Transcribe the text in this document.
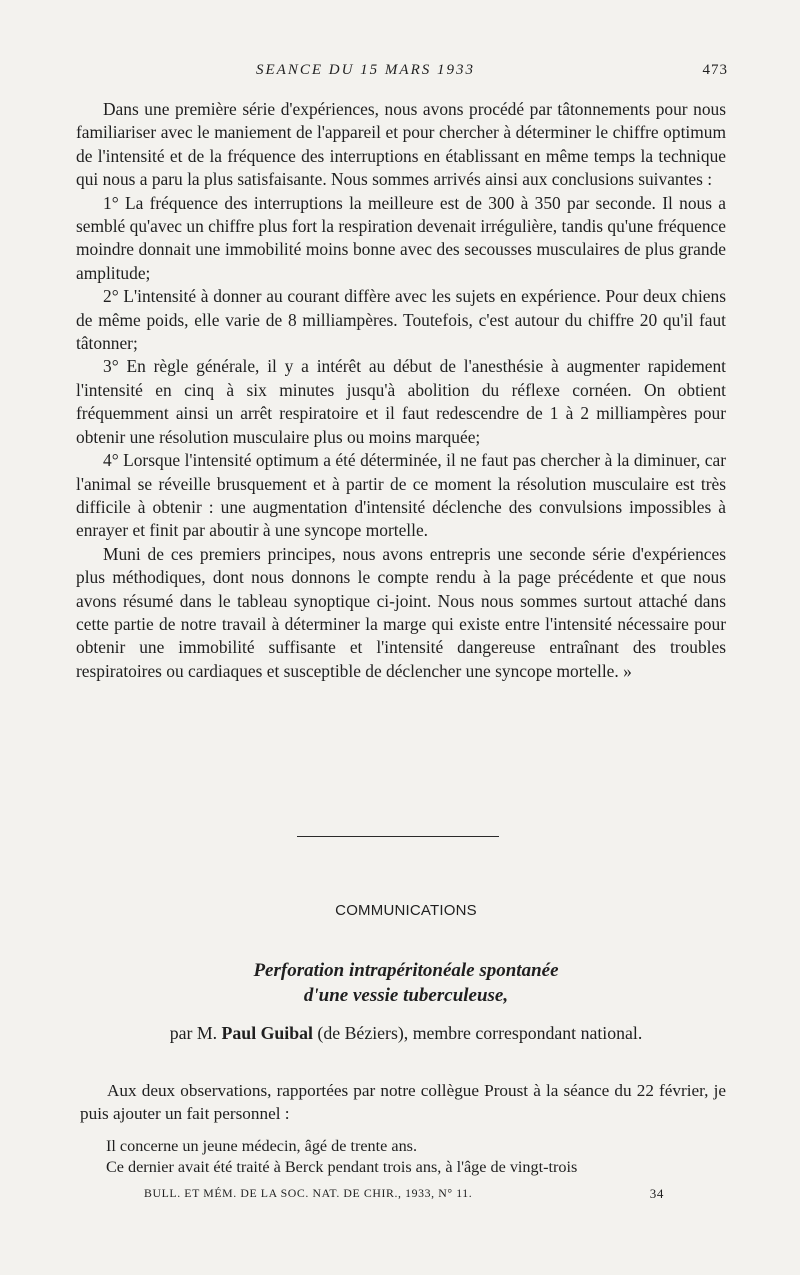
SEANCE DU 15 MARS 1933	473

Dans une première série d'expériences, nous avons procédé par tâtonnements pour nous familiariser avec le maniement de l'appareil et pour chercher à déterminer le chiffre optimum de l'intensité et de la fréquence des interruptions en établissant en même temps la technique qui nous a paru la plus satisfaisante. Nous sommes arrivés ainsi aux conclusions suivantes :

1° La fréquence des interruptions la meilleure est de 300 à 350 par seconde. Il nous a semblé qu'avec un chiffre plus fort la respiration devenait irrégulière, tandis qu'une fréquence moindre donnait une immobilité moins bonne avec des secousses musculaires de plus grande amplitude;

2° L'intensité à donner au courant diffère avec les sujets en expérience. Pour deux chiens de même poids, elle varie de 8 milliampères. Toutefois, c'est autour du chiffre 20 qu'il faut tâtonner;

3° En règle générale, il y a intérêt au début de l'anesthésie à augmenter rapidement l'intensité en cinq à six minutes jusqu'à abolition du réflexe cornéen. On obtient fréquemment ainsi un arrêt respiratoire et il faut redescendre de 1 à 2 milliampères pour obtenir une résolution musculaire plus ou moins marquée;

4° Lorsque l'intensité optimum a été déterminée, il ne faut pas chercher à la diminuer, car l'animal se réveille brusquement et à partir de ce moment la résolution musculaire est très difficile à obtenir : une augmentation d'intensité déclenche des convulsions impossibles à enrayer et finit par aboutir à une syncope mortelle.

Muni de ces premiers principes, nous avons entrepris une seconde série d'expériences plus méthodiques, dont nous donnons le compte rendu à la page précédente et que nous avons résumé dans le tableau synoptique ci-joint. Nous nous sommes surtout attaché dans cette partie de notre travail à déterminer la marge qui existe entre l'intensité nécessaire pour obtenir une immobilité suffisante et l'intensité dangereuse entraînant des troubles respiratoires ou cardiaques et susceptible de déclencher une syncope mortelle. »

COMMUNICATIONS
Perforation intrapéritonéale spontanée
d'une vessie tuberculeuse,
par M. Paul Guibal (de Béziers), membre correspondant national.

Aux deux observations, rapportées par notre collègue Proust à la séance du 22 février, je puis ajouter un fait personnel :

Il concerne un jeune médecin, âgé de trente ans.

Ce dernier avait été traité à Berck pendant trois ans, à l'âge de vingt-trois

BULL. ET MÉM. DE LA SOC. NAT. DE CHIR., 1933, N° 11.	34
